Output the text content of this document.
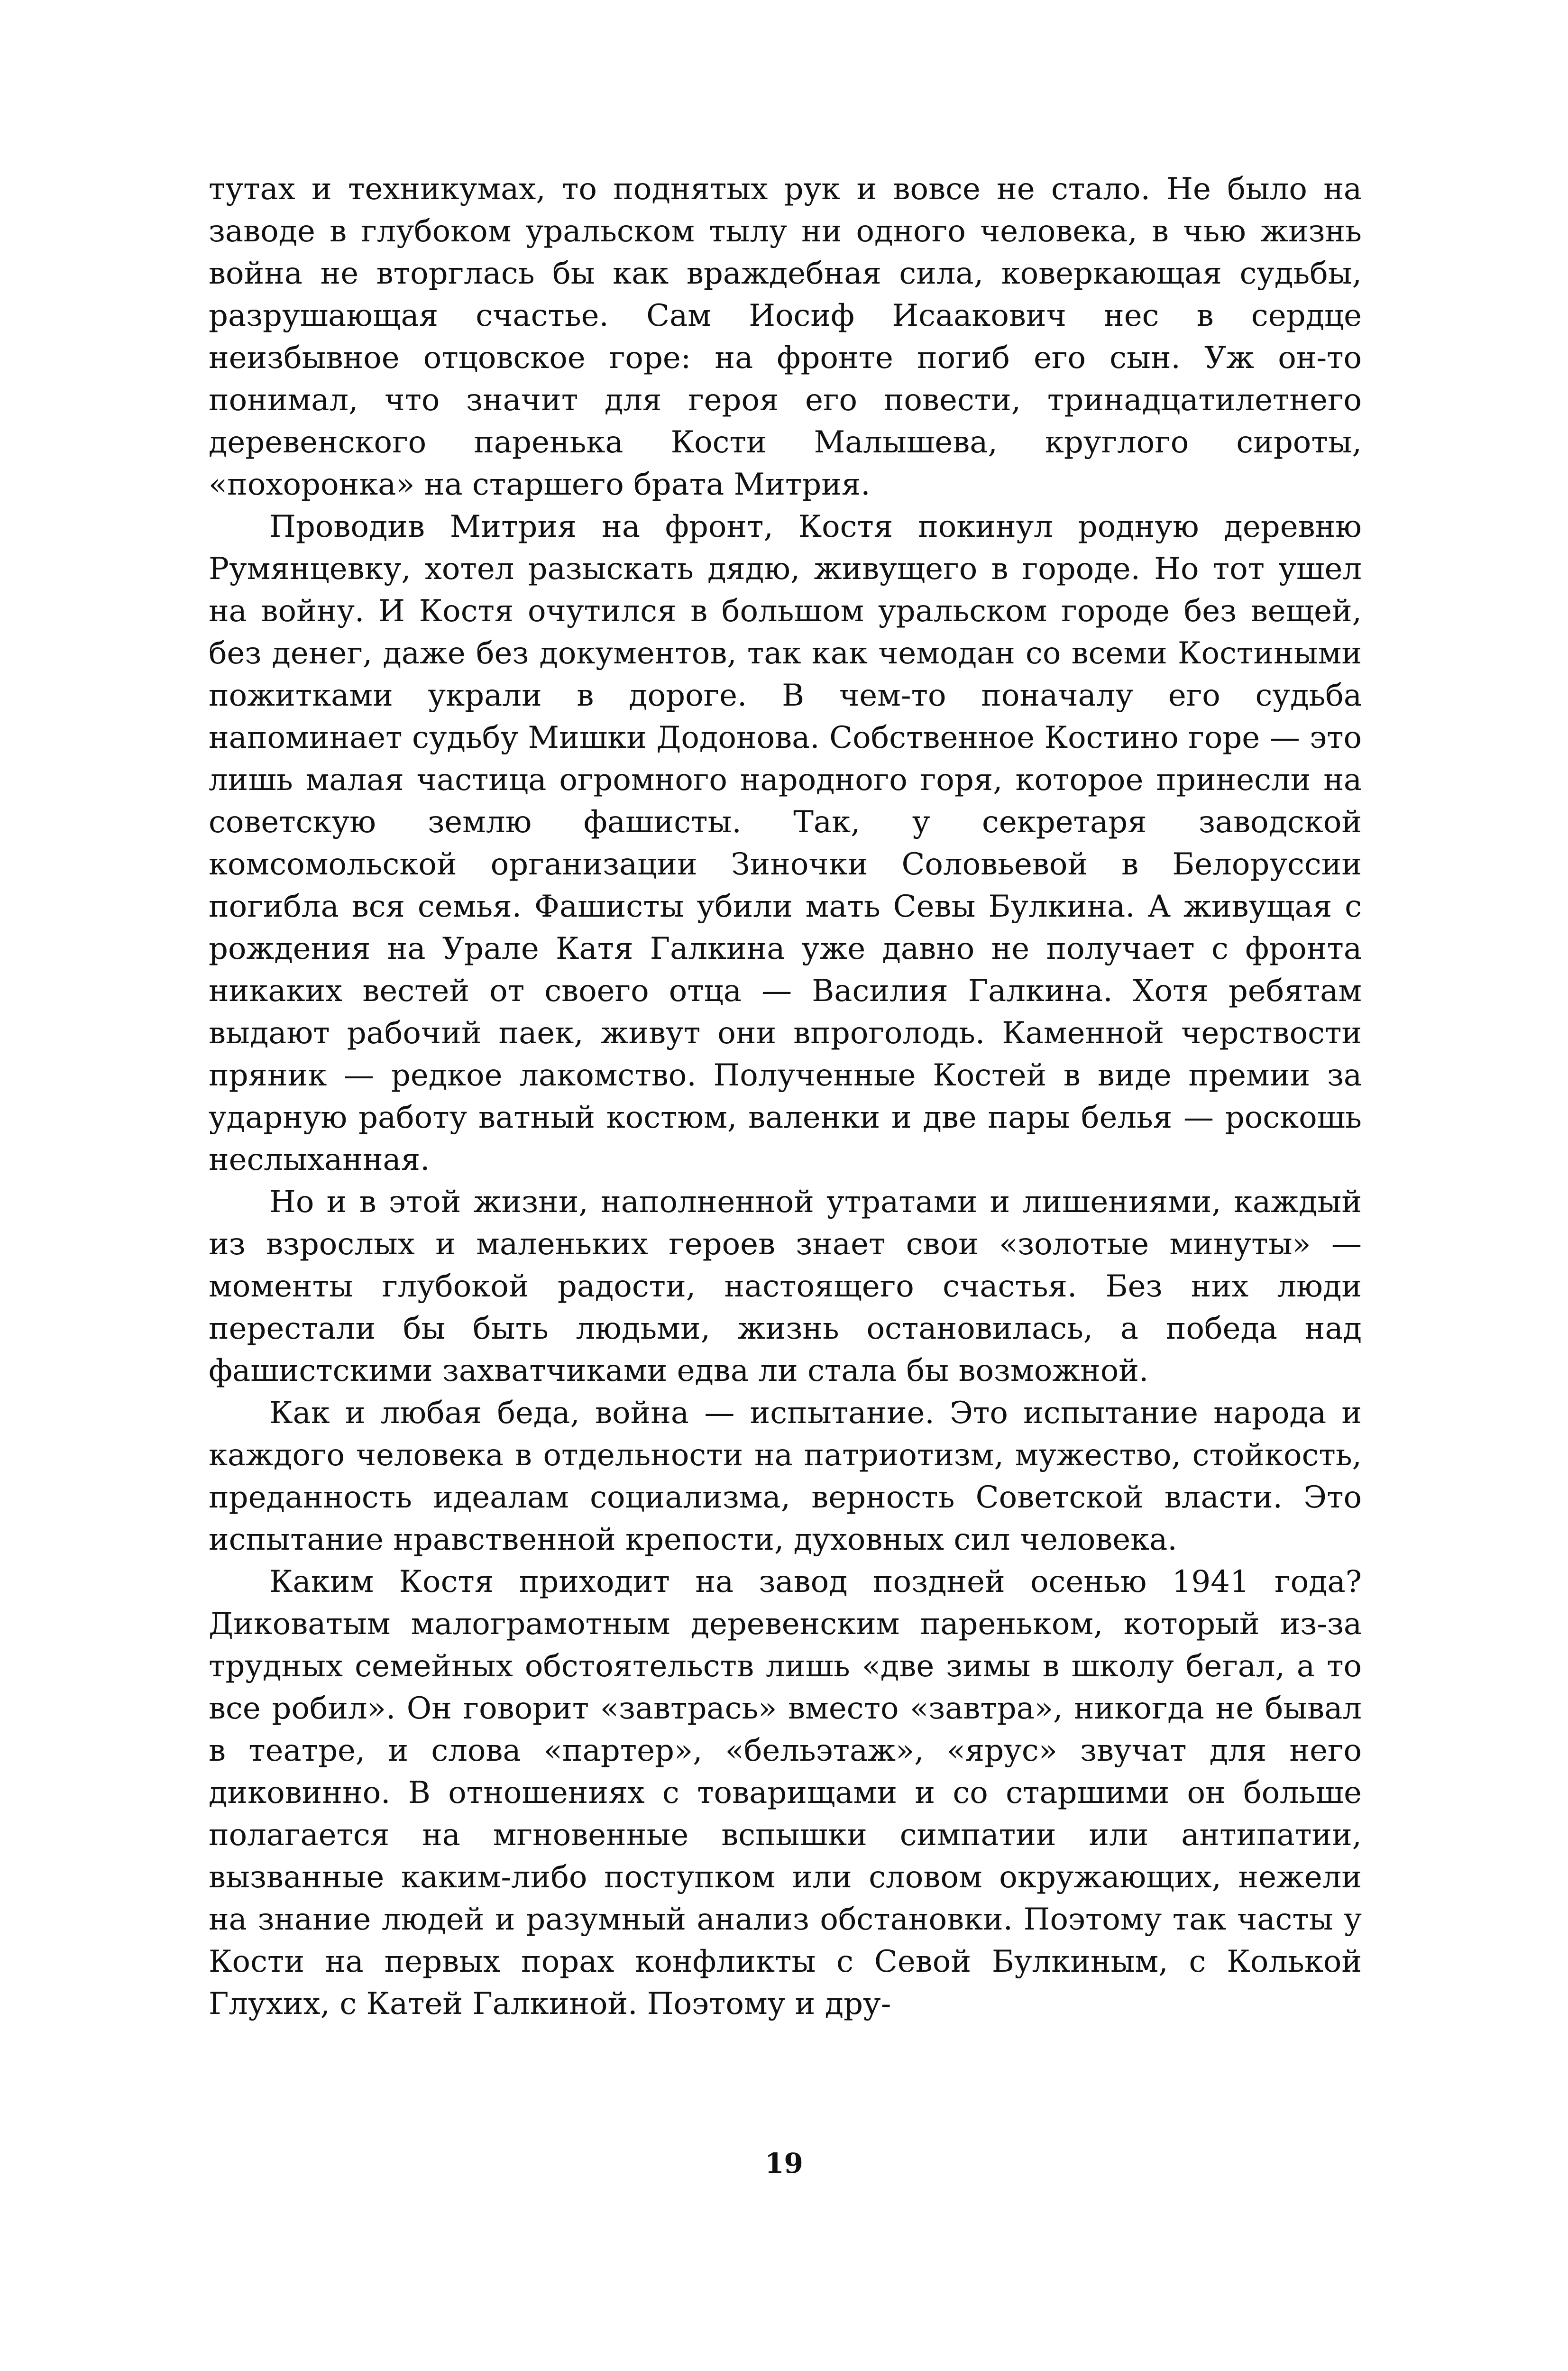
тутах и техникумах, то поднятых рук и вовсе не стало. Не было на заводе в глубоком уральском тылу ни одного человека, в чью жизнь война не вторглась бы как враждебная сила, коверкающая судьбы, разрушающая счастье. Сам Иосиф Исаакович нес в сердце неизбывное отцовское горе: на фронте погиб его сын. Уж он-то понимал, что значит для героя его повести, тринадцатилетнего деревенского паренька Кости Малышева, круглого сироты, «похоронка» на старшего брата Митрия.

Проводив Митрия на фронт, Костя покинул родную деревню Румянцевку, хотел разыскать дядю, живущего в городе. Но тот ушел на войну. И Костя очутился в большом уральском городе без вещей, без денег, даже без документов, так как чемодан со всеми Костиными пожитками украли в дороге. В чем-то поначалу его судьба напоминает судьбу Мишки Додонова. Собственное Костино горе — это лишь малая частица огромного народного горя, которое принесли на советскую землю фашисты. Так, у секретаря заводской комсомольской организации Зиночки Соловьевой в Белоруссии погибла вся семья. Фашисты убили мать Севы Булкина. А живущая с рождения на Урале Катя Галкина уже давно не получает с фронта никаких вестей от своего отца — Василия Галкина. Хотя ребятам выдают рабочий паек, живут они впроголодь. Каменной черствости пряник — редкое лакомство. Полученные Костей в виде премии за ударную работу ватный костюм, валенки и две пары белья — роскошь неслыханная.

Но и в этой жизни, наполненной утратами и лишениями, каждый из взрослых и маленьких героев знает свои «золотые минуты» — моменты глубокой радости, настоящего счастья. Без них люди перестали бы быть людьми, жизнь остановилась, а победа над фашистскими захватчиками едва ли стала бы возможной.

Как и любая беда, война — испытание. Это испытание народа и каждого человека в отдельности на патриотизм, мужество, стойкость, преданность идеалам социализма, верность Советской власти. Это испытание нравственной крепости, духовных сил человека.

Каким Костя приходит на завод поздней осенью 1941 года? Диковатым малограмотным деревенским пареньком, который из-за трудных семейных обстоятельств лишь «две зимы в школу бегал, а то все робил». Он говорит «завтрась» вместо «завтра», никогда не бывал в театре, и слова «партер», «бельэтаж», «ярус» звучат для него диковинно. В отношениях с товарищами и со старшими он больше полагается на мгновенные вспышки симпатии или антипатии, вызванные каким-либо поступком или словом окружающих, нежели на знание людей и разумный анализ обстановки. Поэтому так часты у Кости на первых порах конфликты с Севой Булкиным, с Колькой Глухих, с Катей Галкиной. Поэтому и дру-

19
